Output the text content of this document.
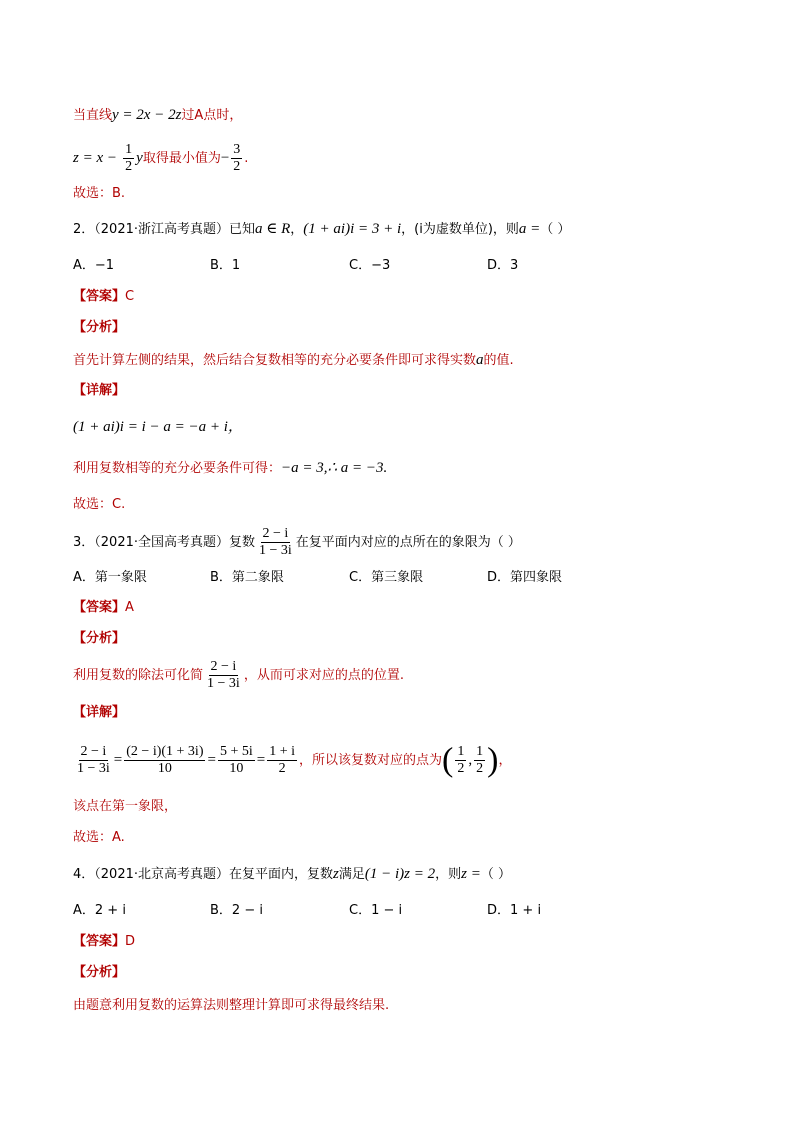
当直线y = 2x − 2z过A点时，
$z = x - \frac{1}{2}$ y取得最小值为− $\frac{3}{2}$ .
故选：B.
2．（2021·浙江高考真题）已知a ∈ R，(1 + ai)i = 3 + i，(i为虚数单位)，则a =（ ）
A．−1	B．1	C．−3	D．3
【答案】C
【分析】
首先计算左侧的结果，然后结合复数相等的充分必要条件即可求得实数a的值.
【详解】
(1 + ai)i = i − a = −a + i，
利用复数相等的充分必要条件可得：−a = 3,∴ a = −3.
故选：C.
3．（2021·全国高考真题）复数 $\frac{2 - i}{1 - 3i}$ 在复平面内对应的点所在的象限为（ ）
A．第一象限	B．第二象限	C．第三象限	D．第四象限
【答案】A
【分析】
利用复数的除法可化简 $\frac{2 - i}{1 - 3i}$ ，从而可求对应的点的位置.
【详解】
$\frac{2 - i}{1 - 3i} = \frac{(2 - i)(1 + 3i)}{10} = \frac{5 + 5i}{10} = \frac{1 + i}{2}$ ，所以该复数对应的点为( $\frac{1}{2}$ , $\frac{1}{2}$ )，
该点在第一象限，
故选：A.
4．（2021·北京高考真题）在复平面内，复数z满足(1 − i)z = 2，则z =（ ）
A．2 + i	B．2 − i	C．1 − i	D．1 + i
【答案】D
【分析】
由题意利用复数的运算法则整理计算即可求得最终结果.
